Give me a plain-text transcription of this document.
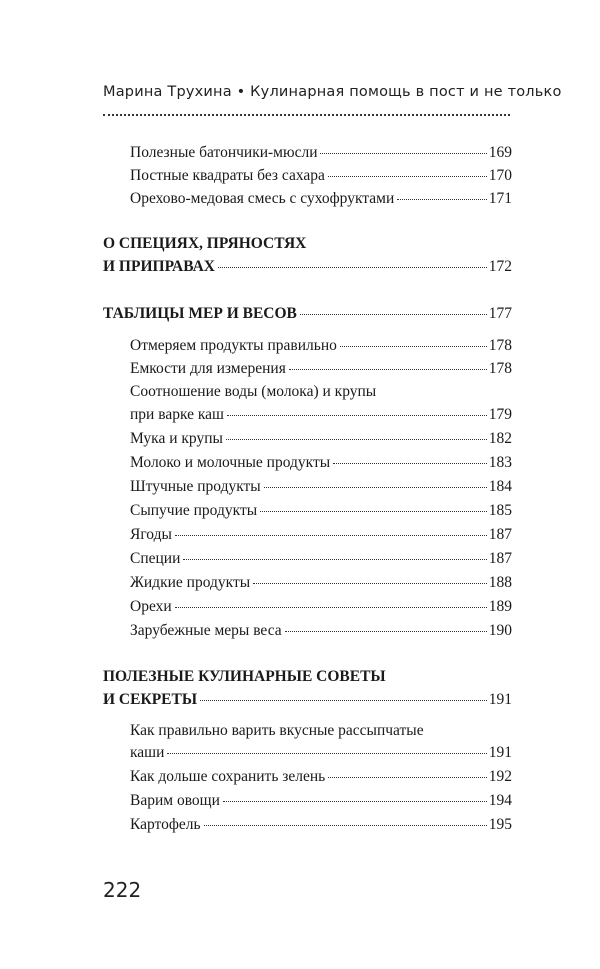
Марина Трухина • Кулинарная помощь в пост и не только
Полезные батончики-мюсли	169
Постные квадраты без сахара	170
Орехово-медовая смесь с сухофруктами	171
О СПЕЦИЯХ, ПРЯНОСТЯХ
И ПРИПРАВАХ	172
ТАБЛИЦЫ МЕР И ВЕСОВ	177
Отмеряем продукты правильно	178
Емкости для измерения	178
Соотношение воды (молока) и крупы
при варке каш	179
Мука и крупы	182
Молоко и молочные продукты	183
Штучные продукты	184
Сыпучие продукты	185
Ягоды	187
Специи	187
Жидкие продукты	188
Орехи	189
Зарубежные меры веса	190
ПОЛЕЗНЫЕ КУЛИНАРНЫЕ СОВЕТЫ
И СЕКРЕТЫ	191
Как правильно варить вкусные рассыпчатые
каши	191
Как дольше сохранить зелень	192
Варим овощи	194
Картофель	195
222
